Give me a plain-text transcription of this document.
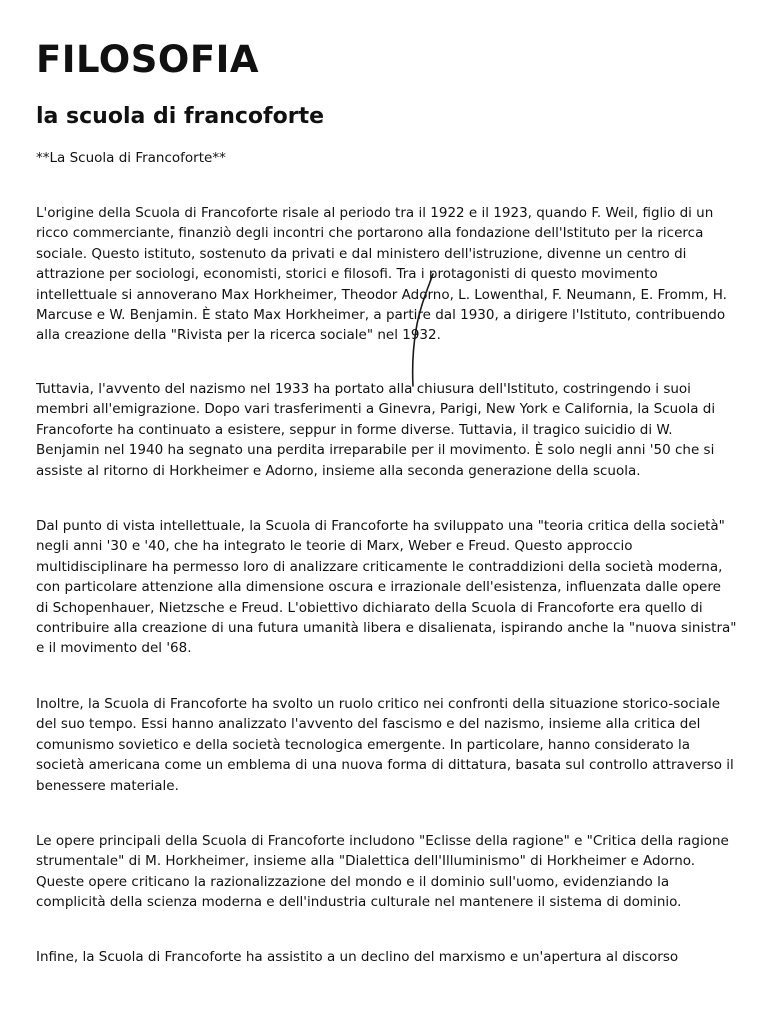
FILOSOFIA
la scuola di francoforte

**La Scuola di Francoforte**

L'origine della Scuola di Francoforte risale al periodo tra il 1922 e il 1923, quando F. Weil, figlio di un
ricco commerciante, finanziò degli incontri che portarono alla fondazione dell'Istituto per la ricerca
sociale. Questo istituto, sostenuto da privati e dal ministero dell'istruzione, divenne un centro di
attrazione per sociologi, economisti, storici e filosofi. Tra i protagonisti di questo movimento
intellettuale si annoverano Max Horkheimer, Theodor Adorno, L. Lowenthal, F. Neumann, E. Fromm, H.
Marcuse e W. Benjamin. È stato Max Horkheimer, a partire dal 1930, a dirigere l'Istituto, contribuendo
alla creazione della "Rivista per la ricerca sociale" nel 1932.

Tuttavia, l'avvento del nazismo nel 1933 ha portato alla chiusura dell'Istituto, costringendo i suoi
membri all'emigrazione. Dopo vari trasferimenti a Ginevra, Parigi, New York e California, la Scuola di
Francoforte ha continuato a esistere, seppur in forme diverse. Tuttavia, il tragico suicidio di W.
Benjamin nel 1940 ha segnato una perdita irreparabile per il movimento. È solo negli anni '50 che si
assiste al ritorno di Horkheimer e Adorno, insieme alla seconda generazione della scuola.

Dal punto di vista intellettuale, la Scuola di Francoforte ha sviluppato una "teoria critica della società"
negli anni '30 e '40, che ha integrato le teorie di Marx, Weber e Freud. Questo approccio
multidisciplinare ha permesso loro di analizzare criticamente le contraddizioni della società moderna,
con particolare attenzione alla dimensione oscura e irrazionale dell'esistenza, influenzata dalle opere
di Schopenhauer, Nietzsche e Freud. L'obiettivo dichiarato della Scuola di Francoforte era quello di
contribuire alla creazione di una futura umanità libera e disalienata, ispirando anche la "nuova sinistra"
e il movimento del '68.

Inoltre, la Scuola di Francoforte ha svolto un ruolo critico nei confronti della situazione storico-sociale
del suo tempo. Essi hanno analizzato l'avvento del fascismo e del nazismo, insieme alla critica del
comunismo sovietico e della società tecnologica emergente. In particolare, hanno considerato la
società americana come un emblema di una nuova forma di dittatura, basata sul controllo attraverso il
benessere materiale.

Le opere principali della Scuola di Francoforte includono "Eclisse della ragione" e "Critica della ragione
strumentale" di M. Horkheimer, insieme alla "Dialettica dell'Illuminismo" di Horkheimer e Adorno.
Queste opere criticano la razionalizzazione del mondo e il dominio sull'uomo, evidenziando la
complicità della scienza moderna e dell'industria culturale nel mantenere il sistema di dominio.

Infine, la Scuola di Francoforte ha assistito a un declino del marxismo e un'apertura al discorso
